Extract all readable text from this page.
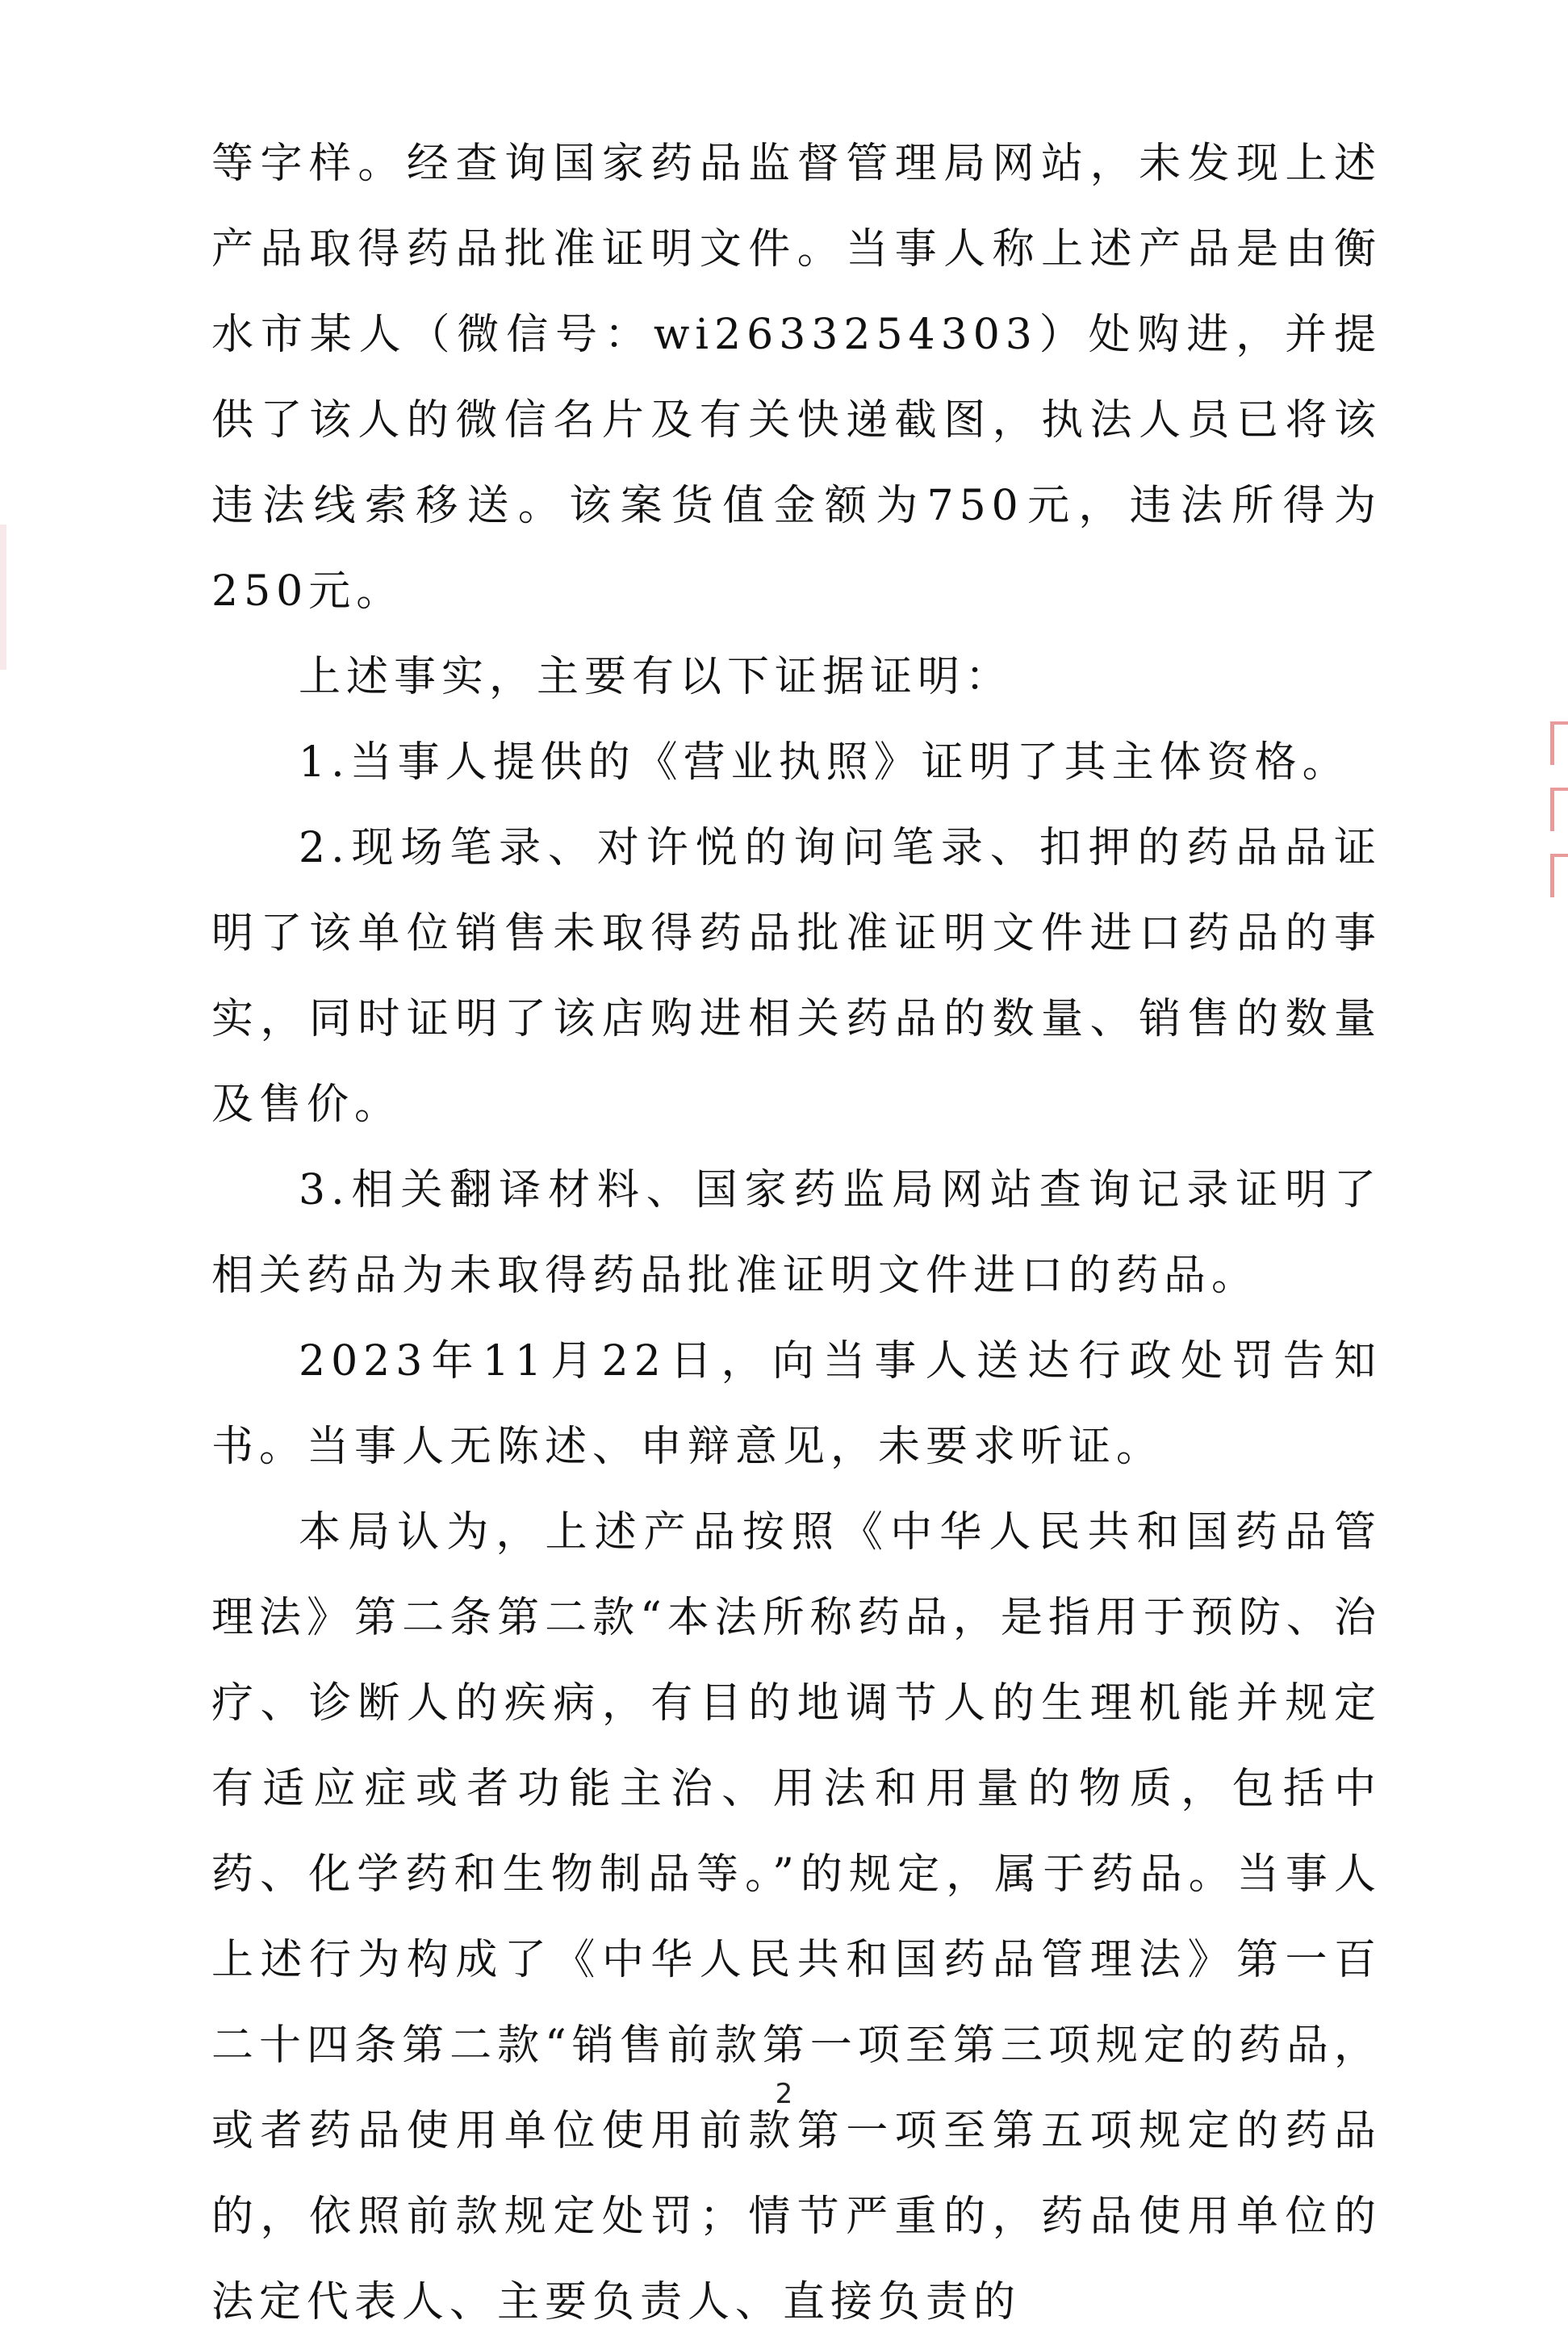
等字样。经查询国家药品监督管理局网站，未发现上述产品取得药品批准证明文件。当事人称上述产品是由衡水市某人（微信号：wi2633254303）处购进，并提供了该人的微信名片及有关快递截图，执法人员已将该违法线索移送。该案货值金额为750元，违法所得为250元。

上述事实，主要有以下证据证明：

1.当事人提供的《营业执照》证明了其主体资格。

2.现场笔录、对许悦的询问笔录、扣押的药品品证明了该单位销售未取得药品批准证明文件进口药品的事实，同时证明了该店购进相关药品的数量、销售的数量及售价。

3.相关翻译材料、国家药监局网站查询记录证明了相关药品为未取得药品批准证明文件进口的药品。

2023年11月22日，向当事人送达行政处罚告知书。当事人无陈述、申辩意见，未要求听证。

本局认为，上述产品按照《中华人民共和国药品管理法》第二条第二款“本法所称药品，是指用于预防、治疗、诊断人的疾病，有目的地调节人的生理机能并规定有适应症或者功能主治、用法和用量的物质，包括中药、化学药和生物制品等。”的规定，属于药品。当事人上述行为构成了《中华人民共和国药品管理法》第一百二十四条第二款“销售前款第一项至第三项规定的药品，或者药品使用单位使用前款第一项至第五项规定的药品的，依照前款规定处罚；情节严重的，药品使用单位的法定代表人、主要负责人、直接负责的

2
